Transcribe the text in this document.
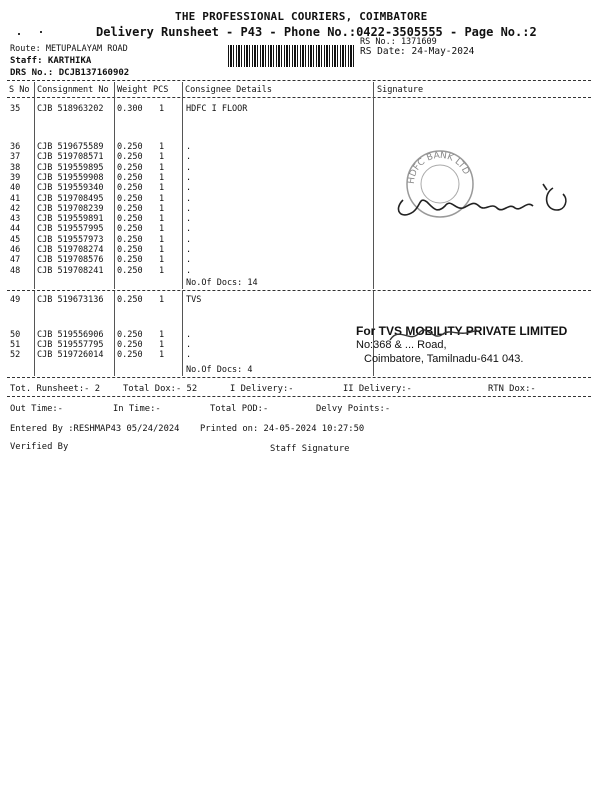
THE PROFESSIONAL COURIERS, COIMBATORE
Delivery Runsheet - P43 - Phone No.:0422-3505555 - Page No.:2
Route: METUPALAYAM ROAD
Staff: KARTHIKA
DRS No.: DCJB137160902
RS No.: 1371609
RS Date: 24-May-2024
S No Consignment No Weight PCS Consignee Details	Signature
35 CJB 518963202 0.300 1	HDFC I FLOOR
36 CJB 519675589 0.250 1	.
37 CJB 519708571 0.250 1	.
38 CJB 519559895 0.250 1	.
39 CJB 519559908 0.250 1	.
40 CJB 519559340 0.250 1	.
41 CJB 519708495 0.250 1	.
42 CJB 519708239 0.250 1	.
43 CJB 519559891 0.250 1	.
44 CJB 519557995 0.250 1	.
45 CJB 519557973 0.250 1	.
46 CJB 519708274 0.250 1	.
47 CJB 519708576 0.250 1	.
48 CJB 519708241 0.250 1	.
No.Of Docs: 14
49 CJB 519673136 0.250 1	TVS
50 CJB 519556906 0.250 1	.
51 CJB 519557795 0.250 1	.
52 CJB 519726014 0.250 1	.
No.Of Docs: 4
HDFC BANK LTD
For TVS MOBILITY PRIVATE LIMITED
No:368 & ... Road,
Coimbatore, Tamilnadu-641 043.
Tot. Runsheet:- 2	Total Dox:- 52	I Delivery:-	II Delivery:-	RTN Dox:-
Out Time:-	In Time:-	Total POD:-	Delvy Points:-
Entered By :RESHMAP43 05/24/2024 Printed on: 24-05-2024 10:27:50
Verified By	Staff Signature
